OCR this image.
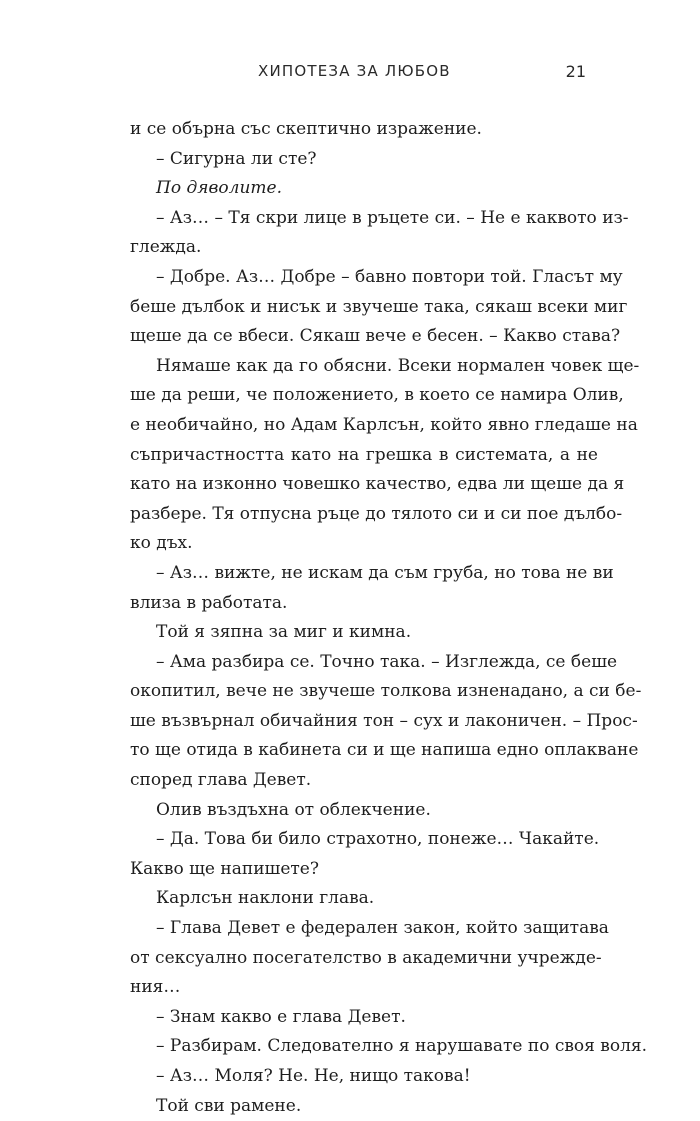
ХИПОТЕЗА ЗА ЛЮБОВ	21
и се обърна със скептично изражение.
– Сигурна ли сте?
По дяволите.
– Аз… – Тя скри лице в ръцете си. – Не е каквото из-
глежда.
– Добре. Аз… Добре – бавно повтори той. Гласът му
беше дълбок и нисък и звучеше така, сякаш всеки миг
щеше да се вбеси. Сякаш вече е бесен. – Какво става?
Нямаше как да го обясни. Всеки нормален човек ще-
ше да реши, че положението, в което се намира Олив,
е необичайно, но Адам Карлсън, който явно гледаше на
съпричастността като на грешка в системата, а не
като на изконно човешко качество, едва ли щеше да я
разбере. Тя отпусна ръце до тялото си и си пое дълбо-
ко дъх.
– Аз… вижте, не искам да съм груба, но това не ви
влиза в работата.
Той я зяпна за миг и кимна.
– Ама разбира се. Точно така. – Изглежда, се беше
окопитил, вече не звучеше толкова изненадано, а си бе-
ше възвърнал обичайния тон – сух и лаконичен. – Прос-
то ще отида в кабинета си и ще напиша едно оплакване
според глава Девет.
Олив въздъхна от облекчение.
– Да. Това би било страхотно, понеже… Чакайте.
Какво ще напишете?
Карлсън наклони глава.
– Глава Девет е федерален закон, който защитава
от сексуално посегателство в академични учрежде-
ния…
– Знам какво е глава Девет.
– Разбирам. Следователно я нарушавате по своя воля.
– Аз… Моля? Не. Не, нищо такова!
Той сви рамене.
